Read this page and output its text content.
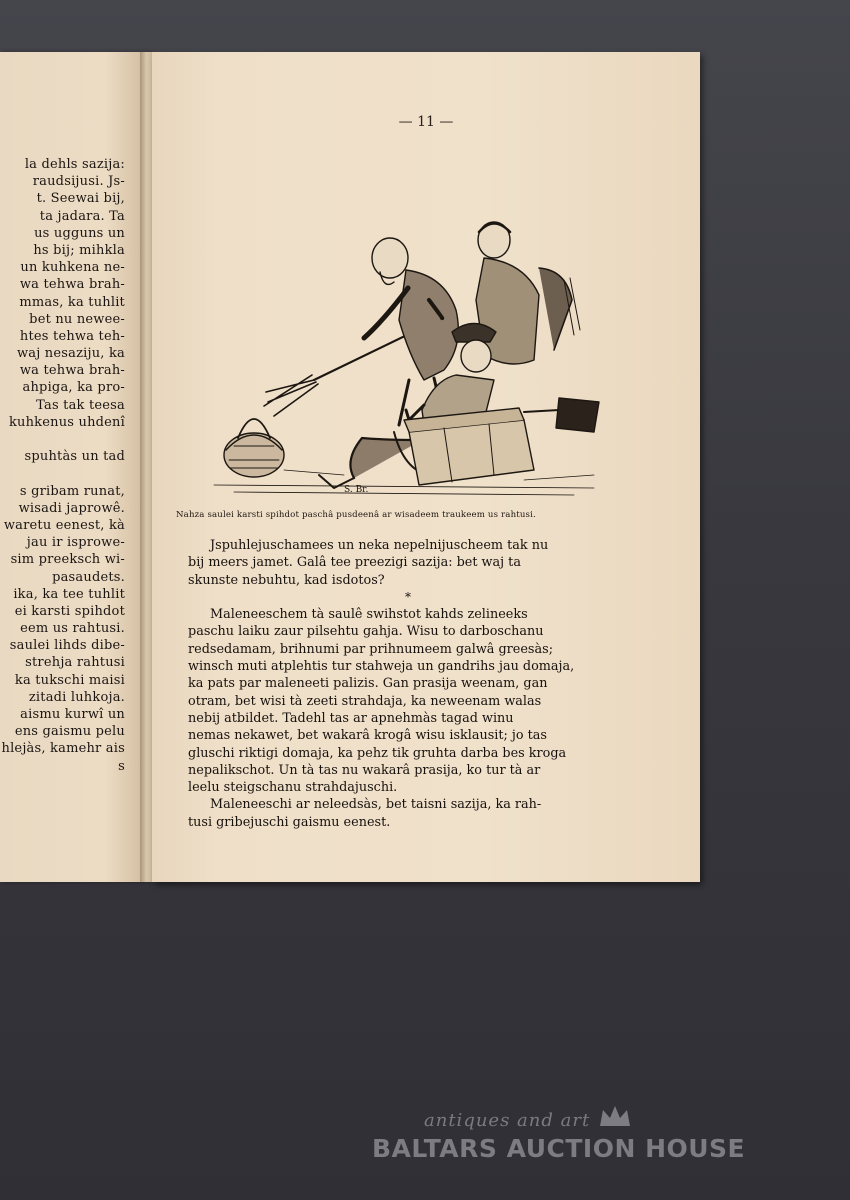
la dehls sazija:
raudsijusi. Js-
t. Seewai bij,
ta jadara. Ta
us ugguns un
hs bij; mihkla
un kuhkena ne-
wa tehwa brah-
mmas, ka tuhlit
bet nu newee-
htes tehwa teh-
waj nesaziju, ka
wa tehwa brah-
ahpiga, ka pro-
Tas tak teesa
kuhkenus uhdenî
spuhtàs un tad
s gribam runat,
wisadi japrowê.
waretu eenest, kà
jau ir isprowe-
sim preeksch wi-
pasaudets.
ika, ka tee tuhlit
ei karsti spihdot
eem us rahtusi.
saulei lihds dibe-
strehja rahtusi
ka tukschi maisi
zitadi luhkoja.
aismu kurwî un
ens gaismu pelu
hlejàs, kamehr ais
s
— 11 —
S. Br.
Nahza saulei karsti spihdot paschâ pusdeenâ ar wisadeem traukeem us rahtusi.
Jspuhlejuschamees un neka nepelnijuscheem tak nu
bij meers jamet. Galâ tee preezigi sazija: bet waj ta
skunste nebuhtu, kad isdotos?
*
Maleneeschem tà saulê swihstot kahds zelineeks
paschu laiku zaur pilsehtu gahja. Wisu to darboschanu
redsedamam, brihnumi par prihnumeem galwâ greesàs;
winsch muti atplehtis tur stahweja un gandrihs jau domaja,
ka pats par maleneeti palizis. Gan prasija weenam, gan
otram, bet wisi tà zeeti strahdaja, ka neweenam walas
nebij atbildet. Tadehl tas ar apnehmàs tagad winu
nemas nekawet, bet wakarâ krogâ wisu isklausit; jo tas
gluschi riktigi domaja, ka pehz tik gruhta darba bes kroga
nepalikschot. Un tà tas nu wakarâ prasija, ko tur tà ar
leelu steigschanu strahdajuschi.
Maleneeschi ar neleedsàs, bet taisni sazija, ka rah-
tusi gribejuschi gaismu eenest.
antiques and art
BALTARS AUCTION HOUSE
